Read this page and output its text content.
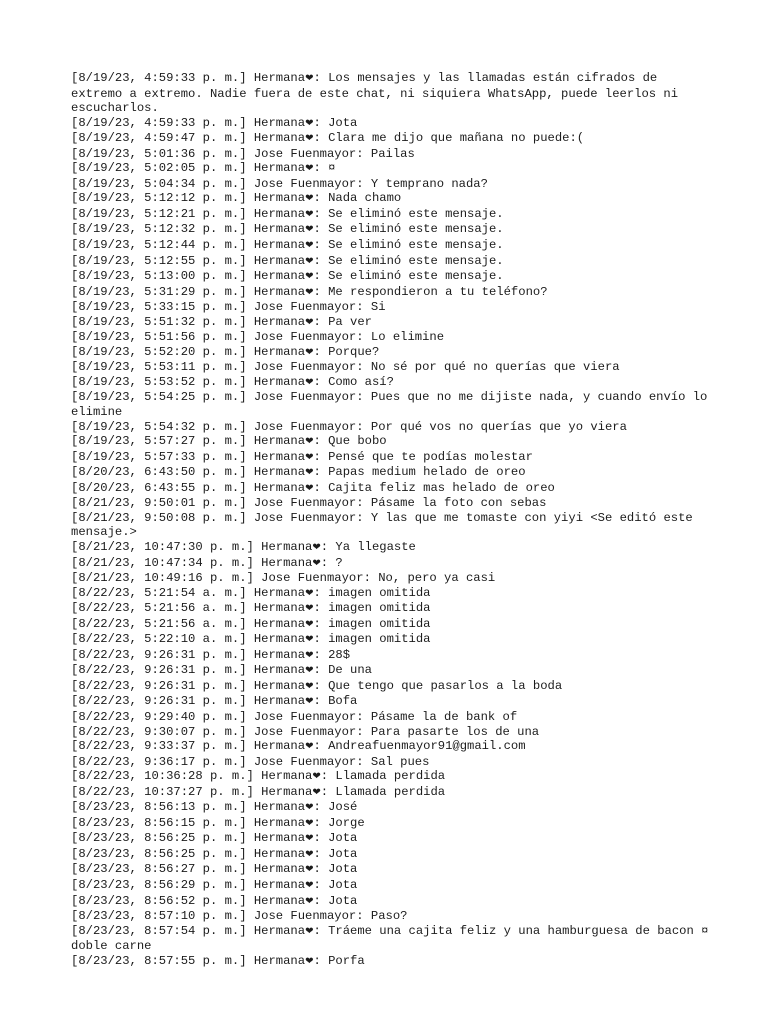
[8/19/23, 4:59:33 p. m.] Hermana❤: Los mensajes y las llamadas están cifrados de extremo a extremo. Nadie fuera de este chat, ni siquiera WhatsApp, puede leerlos ni escucharlos.
[8/19/23, 4:59:33 p. m.] Hermana❤: Jota
[8/19/23, 4:59:47 p. m.] Hermana❤: Clara me dijo que mañana no puede:(
[8/19/23, 5:01:36 p. m.] Jose Fuenmayor: Pailas
[8/19/23, 5:02:05 p. m.] Hermana❤: ¤
[8/19/23, 5:04:34 p. m.] Jose Fuenmayor: Y temprano nada?
[8/19/23, 5:12:12 p. m.] Hermana❤: Nada chamo
[8/19/23, 5:12:21 p. m.] Hermana❤: Se eliminó este mensaje.
[8/19/23, 5:12:32 p. m.] Hermana❤: Se eliminó este mensaje.
[8/19/23, 5:12:44 p. m.] Hermana❤: Se eliminó este mensaje.
[8/19/23, 5:12:55 p. m.] Hermana❤: Se eliminó este mensaje.
[8/19/23, 5:13:00 p. m.] Hermana❤: Se eliminó este mensaje.
[8/19/23, 5:31:29 p. m.] Hermana❤: Me respondieron a tu teléfono?
[8/19/23, 5:33:15 p. m.] Jose Fuenmayor: Si
[8/19/23, 5:51:32 p. m.] Hermana❤: Pa ver
[8/19/23, 5:51:56 p. m.] Jose Fuenmayor: Lo elimine
[8/19/23, 5:52:20 p. m.] Hermana❤: Porque?
[8/19/23, 5:53:11 p. m.] Jose Fuenmayor: No sé por qué no querías que viera
[8/19/23, 5:53:52 p. m.] Hermana❤: Como así?
[8/19/23, 5:54:25 p. m.] Jose Fuenmayor: Pues que no me dijiste nada, y cuando envío lo elimine
[8/19/23, 5:54:32 p. m.] Jose Fuenmayor: Por qué vos no querías que yo viera
[8/19/23, 5:57:27 p. m.] Hermana❤: Que bobo
[8/19/23, 5:57:33 p. m.] Hermana❤: Pensé que te podías molestar
[8/20/23, 6:43:50 p. m.] Hermana❤: Papas medium helado de oreo
[8/20/23, 6:43:55 p. m.] Hermana❤: Cajita feliz mas helado de oreo
[8/21/23, 9:50:01 p. m.] Jose Fuenmayor: Pásame la foto con sebas
[8/21/23, 9:50:08 p. m.] Jose Fuenmayor: Y las que me tomaste con yiyi <Se editó este mensaje.>
[8/21/23, 10:47:30 p. m.] Hermana❤: Ya llegaste
[8/21/23, 10:47:34 p. m.] Hermana❤: ?
[8/21/23, 10:49:16 p. m.] Jose Fuenmayor: No, pero ya casi
[8/22/23, 5:21:54 a. m.] Hermana❤: imagen omitida
[8/22/23, 5:21:56 a. m.] Hermana❤: imagen omitida
[8/22/23, 5:21:56 a. m.] Hermana❤: imagen omitida
[8/22/23, 5:22:10 a. m.] Hermana❤: imagen omitida
[8/22/23, 9:26:31 p. m.] Hermana❤: 28$
[8/22/23, 9:26:31 p. m.] Hermana❤: De una
[8/22/23, 9:26:31 p. m.] Hermana❤: Que tengo que pasarlos a la boda
[8/22/23, 9:26:31 p. m.] Hermana❤: Bofa
[8/22/23, 9:29:40 p. m.] Jose Fuenmayor: Pásame la de bank of
[8/22/23, 9:30:07 p. m.] Jose Fuenmayor: Para pasarte los de una
[8/22/23, 9:33:37 p. m.] Hermana❤: Andreafuenmayor91@gmail.com
[8/22/23, 9:36:17 p. m.] Jose Fuenmayor: Sal pues
[8/22/23, 10:36:28 p. m.] Hermana❤: Llamada perdida
[8/22/23, 10:37:27 p. m.] Hermana❤: Llamada perdida
[8/23/23, 8:56:13 p. m.] Hermana❤: José
[8/23/23, 8:56:15 p. m.] Hermana❤: Jorge
[8/23/23, 8:56:25 p. m.] Hermana❤: Jota
[8/23/23, 8:56:25 p. m.] Hermana❤: Jota
[8/23/23, 8:56:27 p. m.] Hermana❤: Jota
[8/23/23, 8:56:29 p. m.] Hermana❤: Jota
[8/23/23, 8:56:52 p. m.] Hermana❤: Jota
[8/23/23, 8:57:10 p. m.] Jose Fuenmayor: Paso?
[8/23/23, 8:57:54 p. m.] Hermana❤: Tráeme una cajita feliz y una hamburguesa de bacon ¤ doble carne
[8/23/23, 8:57:55 p. m.] Hermana❤: Porfa
